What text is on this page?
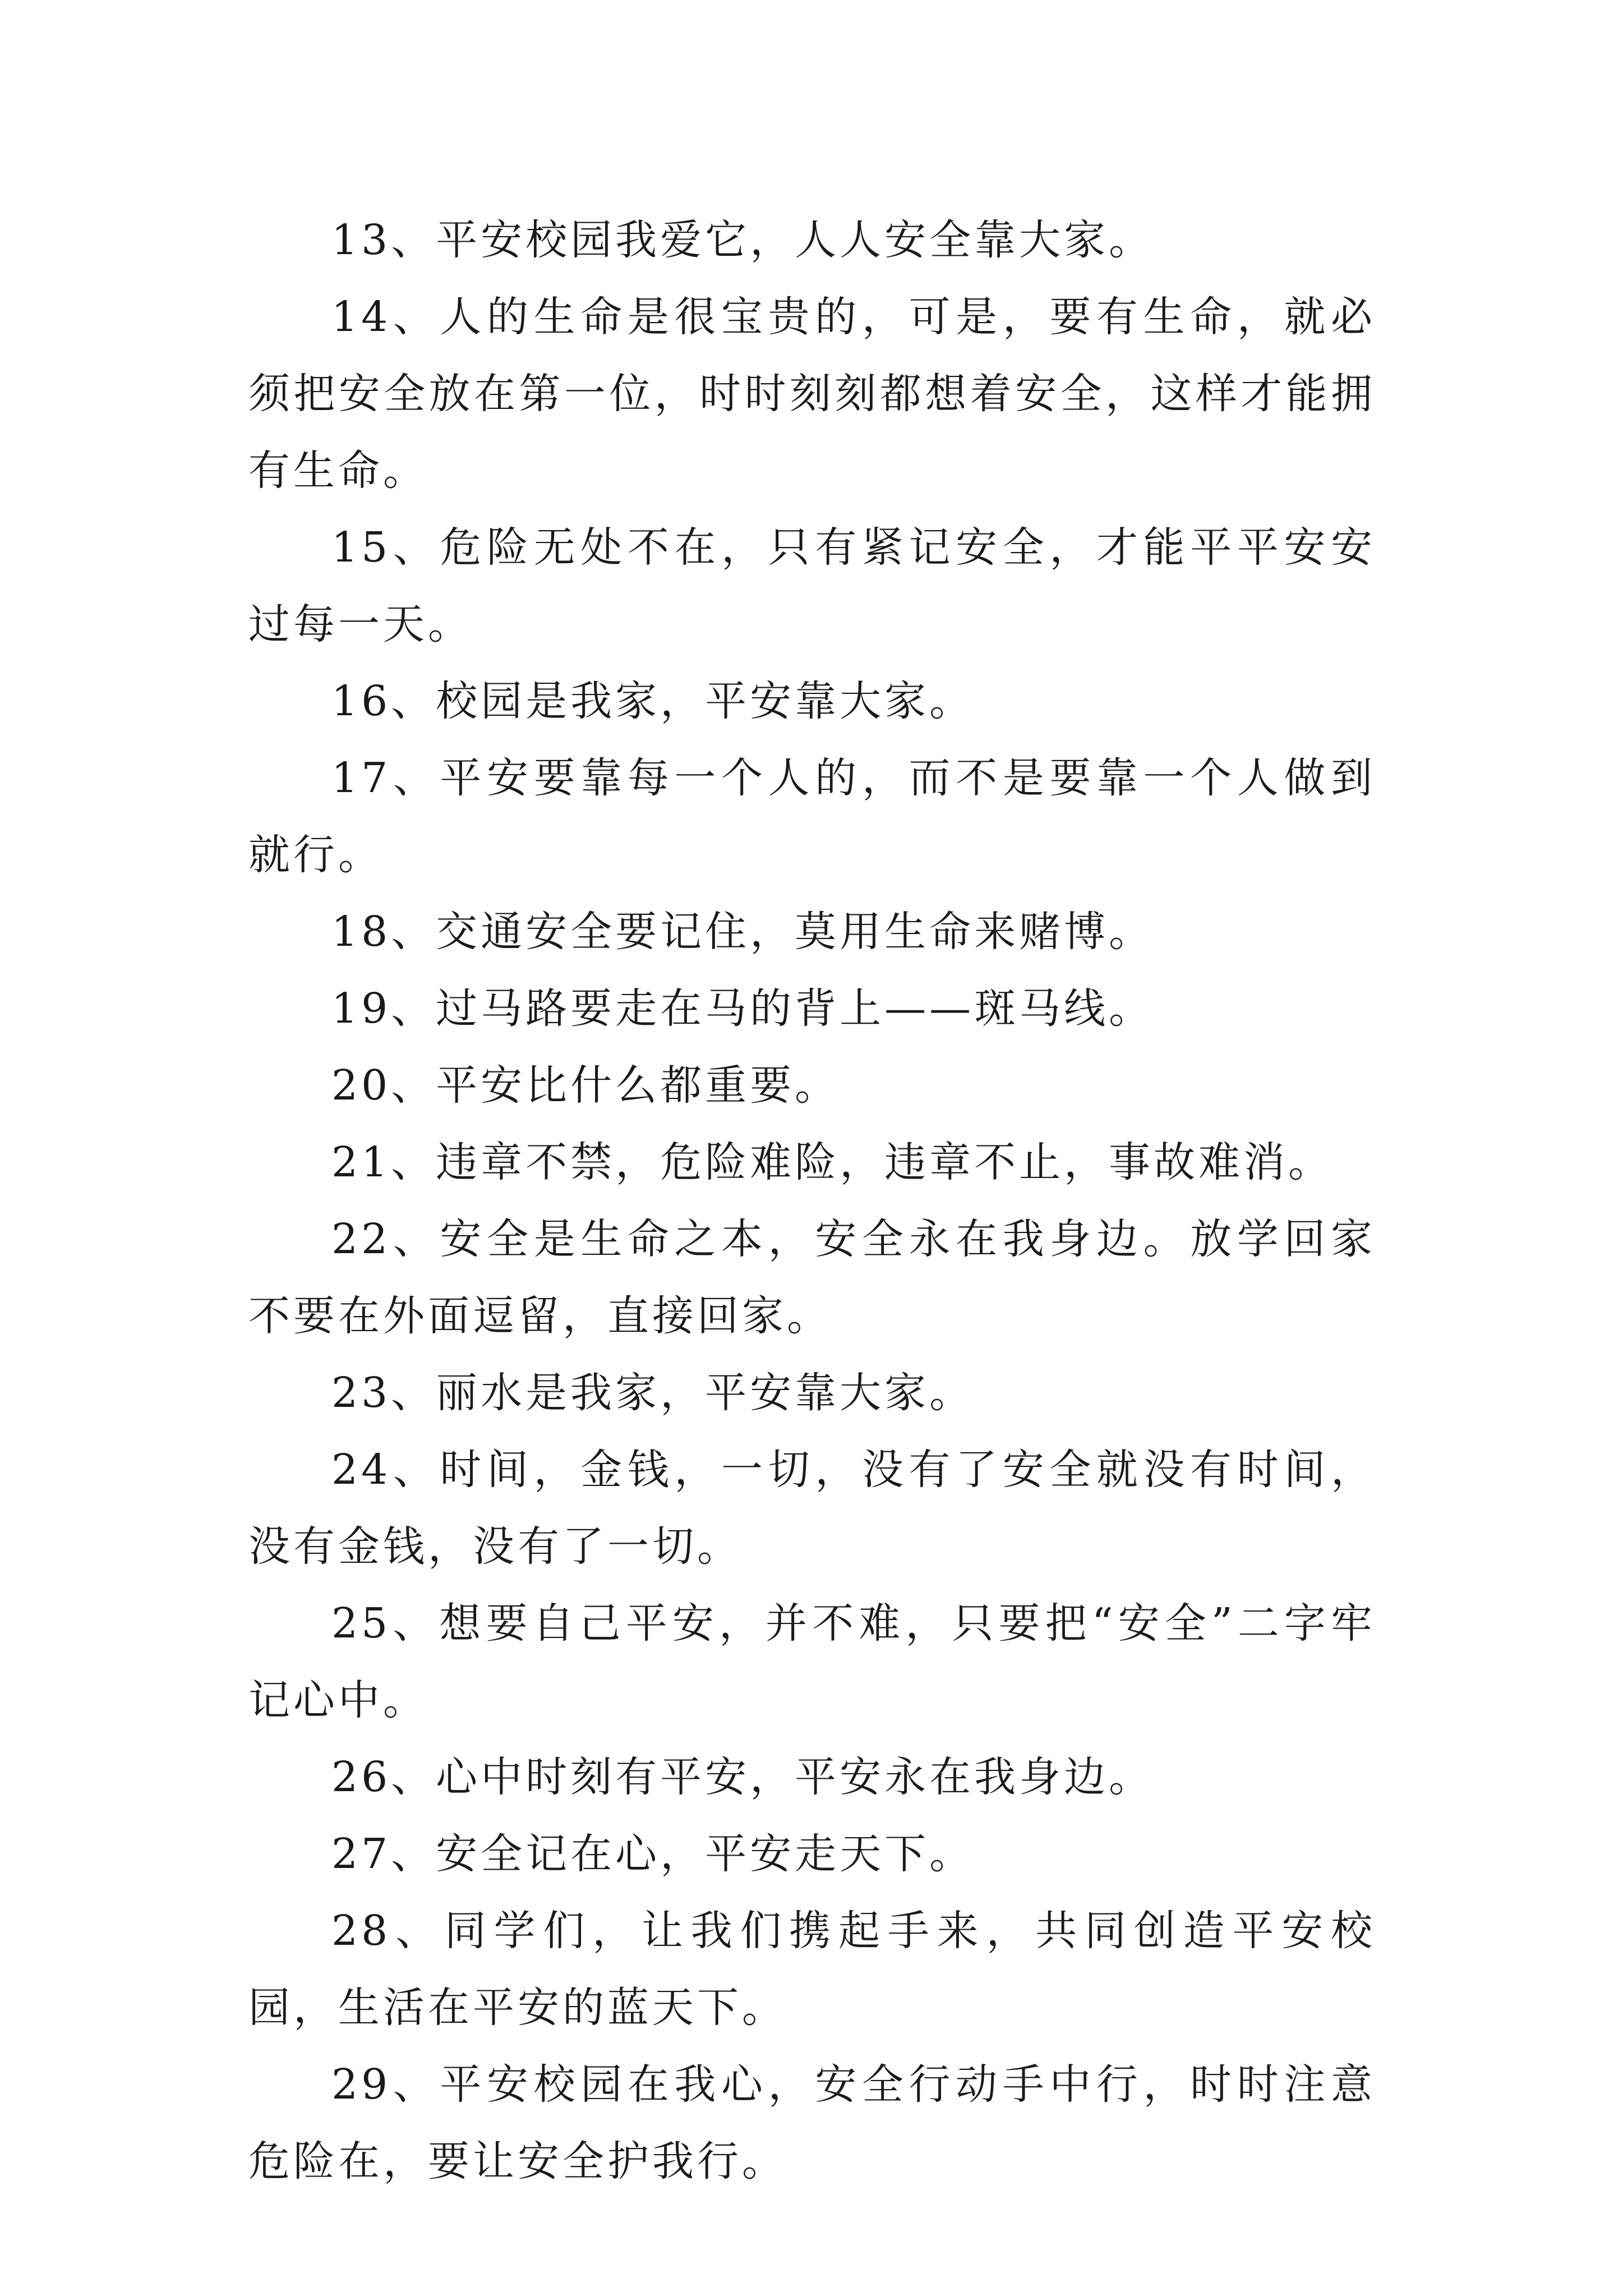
13、平安校园我爱它，人人安全靠大家。

14、人的生命是很宝贵的，可是，要有生命，就必须把安全放在第一位，时时刻刻都想着安全，这样才能拥有生命。

15、危险无处不在，只有紧记安全，才能平平安安过每一天。

16、校园是我家，平安靠大家。

17、平安要靠每一个人的，而不是要靠一个人做到就行。

18、交通安全要记住，莫用生命来赌博。

19、过马路要走在马的背上——斑马线。

20、平安比什么都重要。

21、违章不禁，危险难险，违章不止，事故难消。

22、安全是生命之本，安全永在我身边。放学回家不要在外面逗留，直接回家。

23、丽水是我家，平安靠大家。

24、时间，金钱，一切，没有了安全就没有时间，没有金钱，没有了一切。

25、想要自己平安，并不难，只要把“安全”二字牢记心中。

26、心中时刻有平安，平安永在我身边。

27、安全记在心，平安走天下。

28、同学们，让我们携起手来，共同创造平安校园，生活在平安的蓝天下。

29、平安校园在我心，安全行动手中行，时时注意危险在，要让安全护我行。
